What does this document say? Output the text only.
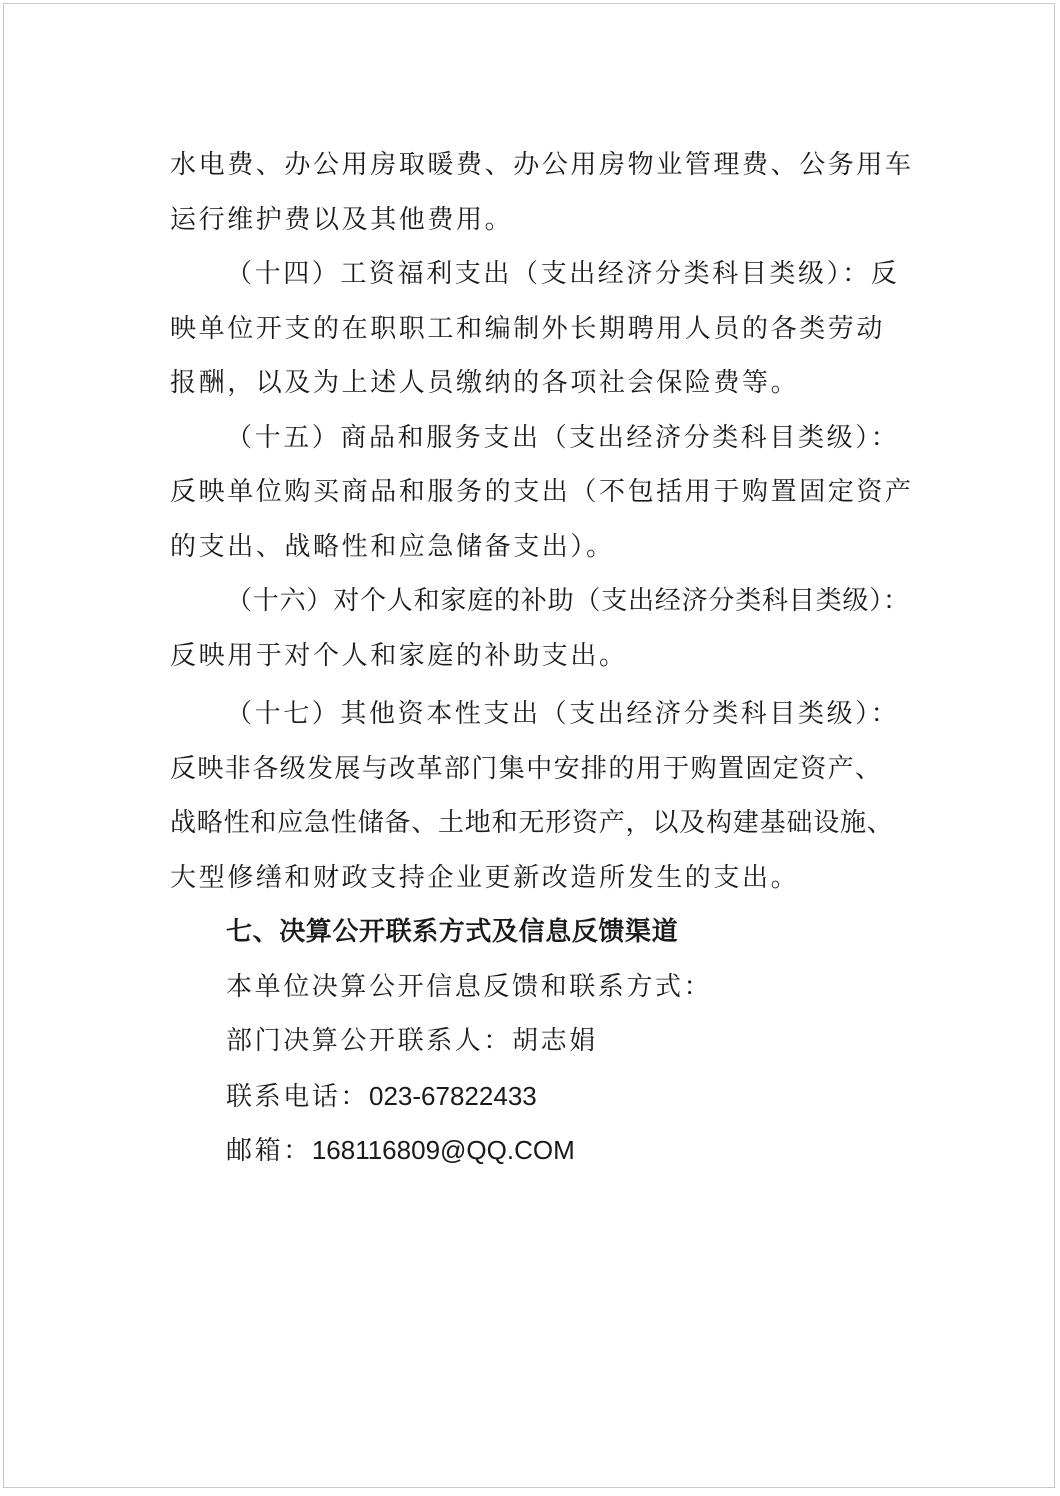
水电费、办公用房取暖费、办公用房物业管理费、公务用车
运行维护费以及其他费用。
（十四）工资福利支出（支出经济分类科目类级）：反
映单位开支的在职职工和编制外长期聘用人员的各类劳动
报酬，以及为上述人员缴纳的各项社会保险费等。
（十五）商品和服务支出（支出经济分类科目类级）：
反映单位购买商品和服务的支出（不包括用于购置固定资产
的支出、战略性和应急储备支出）。
（十六）对个人和家庭的补助（支出经济分类科目类级）：
反映用于对个人和家庭的补助支出。
（十七）其他资本性支出（支出经济分类科目类级）：
反映非各级发展与改革部门集中安排的用于购置固定资产、
战略性和应急性储备、土地和无形资产，以及构建基础设施、
大型修缮和财政支持企业更新改造所发生的支出。
七、决算公开联系方式及信息反馈渠道
本单位决算公开信息反馈和联系方式：
部门决算公开联系人：胡志娟
联系电话：023-67822433
邮箱：168116809@QQ.COM
